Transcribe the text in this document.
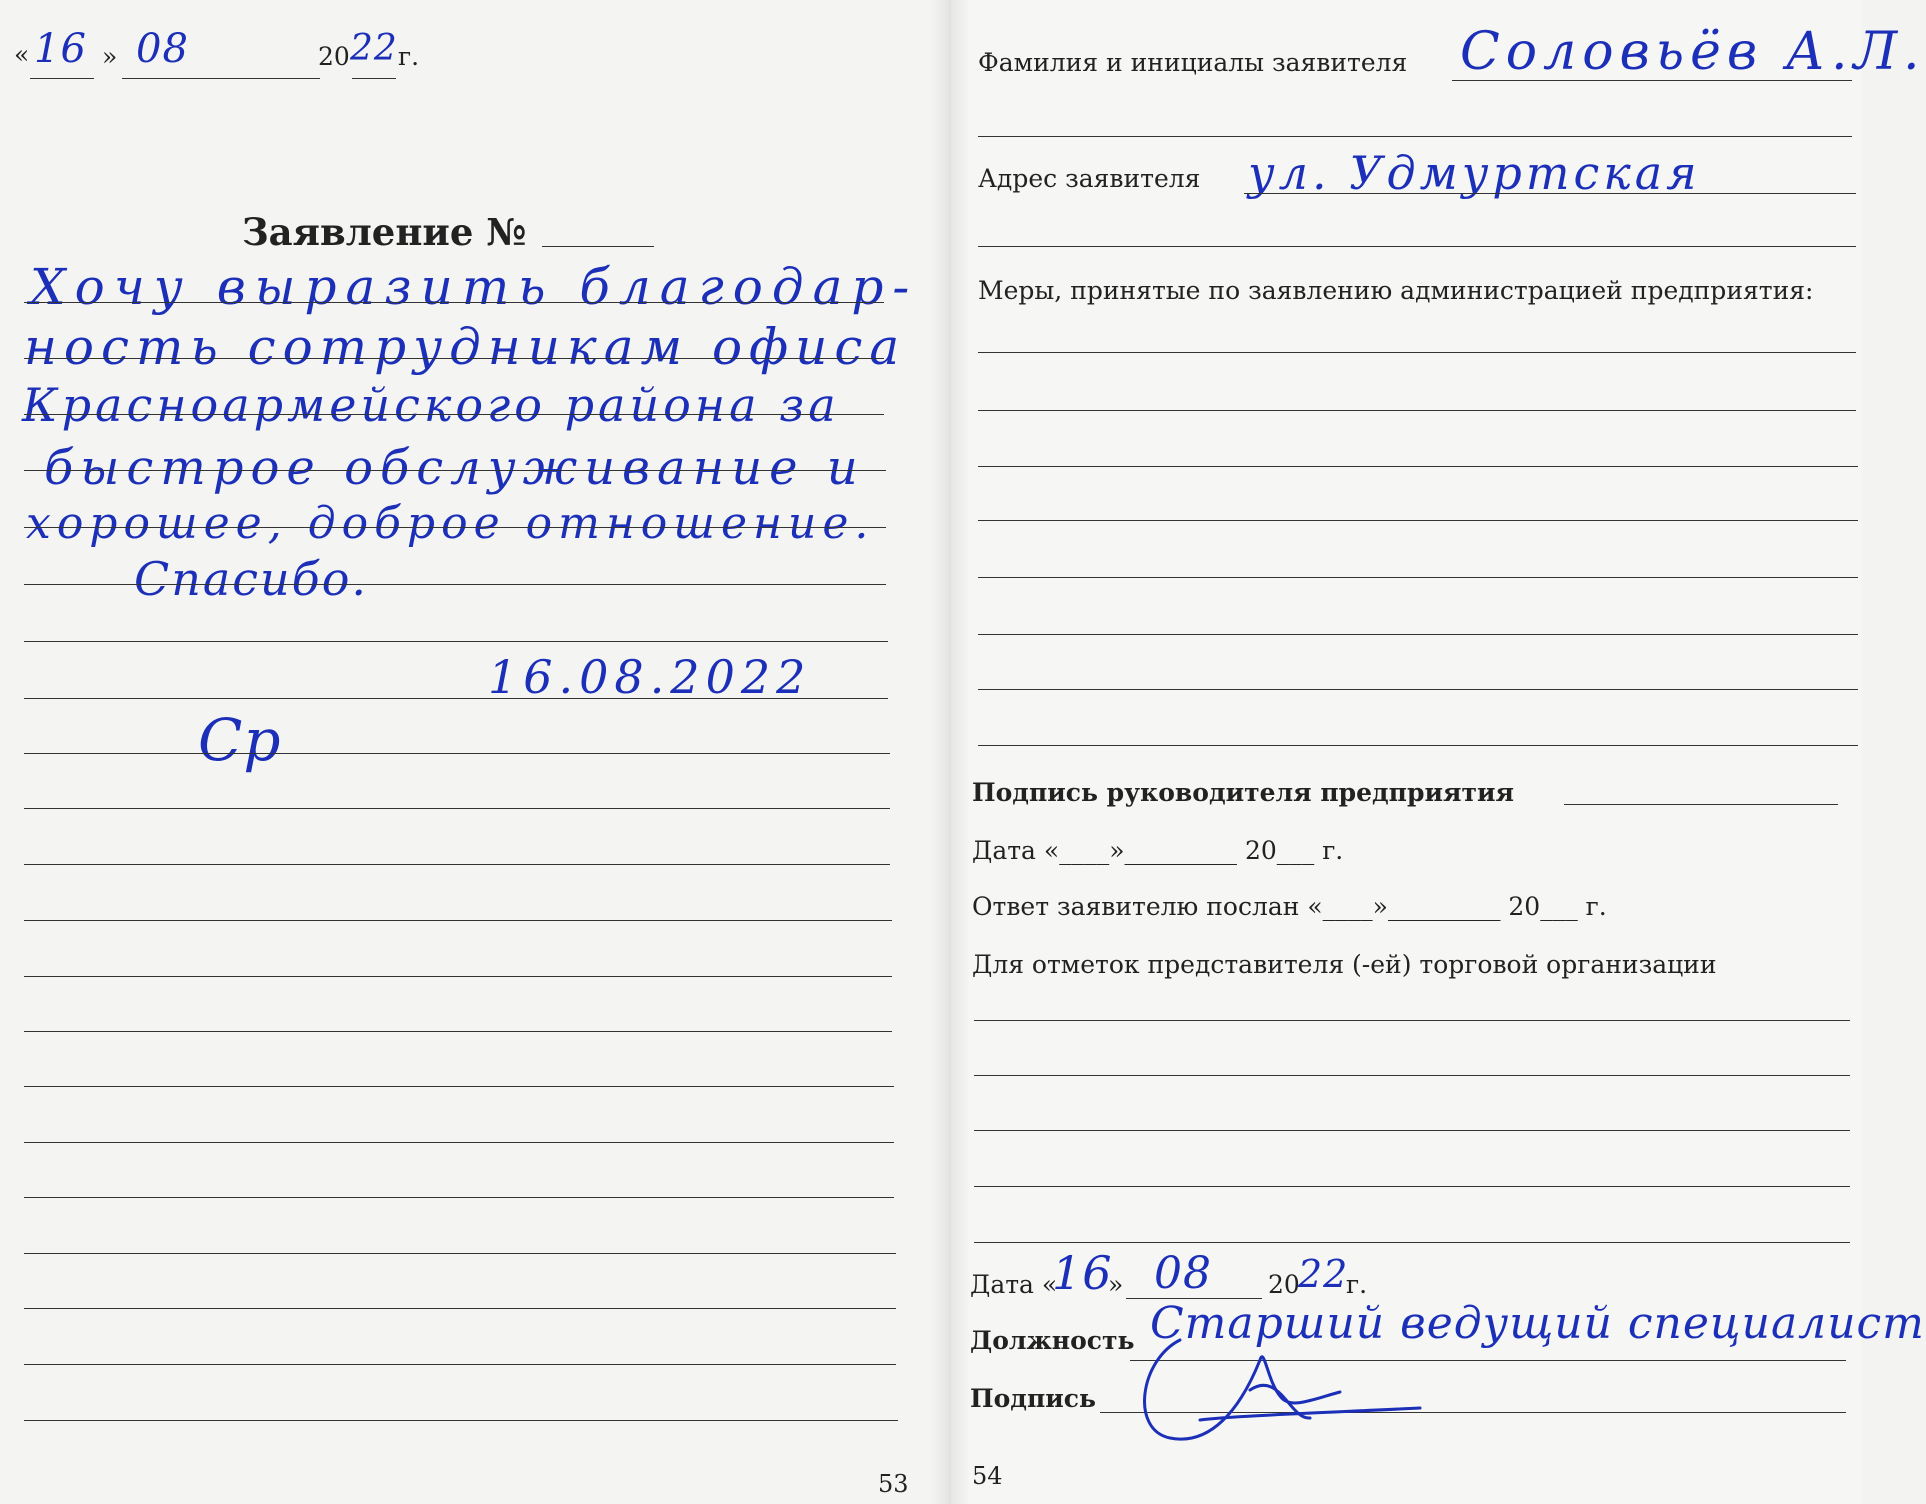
« 16 » 08	20 22 г.
Заявление №
Хочу выразить благодар-
ность сотрудникам офиса
Красноармейского района за
быстрое обслуживание и
хорошее, доброе отношение.
Спасибо.
16.08.2022
Ср
53
Фамилия и инициалы заявителя Соловьёв А.Л.
Адрес заявителя ул. Удмуртская
Меры, принятые по заявлению администрацией предприятия:
Подпись руководителя предприятия
Дата «____»_________ 20___ г.
Ответ заявителю послан «____»_________ 20___ г.
Для отметок представителя (-ей) торговой организации
Дата «
16
» 08 20
22
г.
Должность Старший ведущий специалист
Подпись
54
